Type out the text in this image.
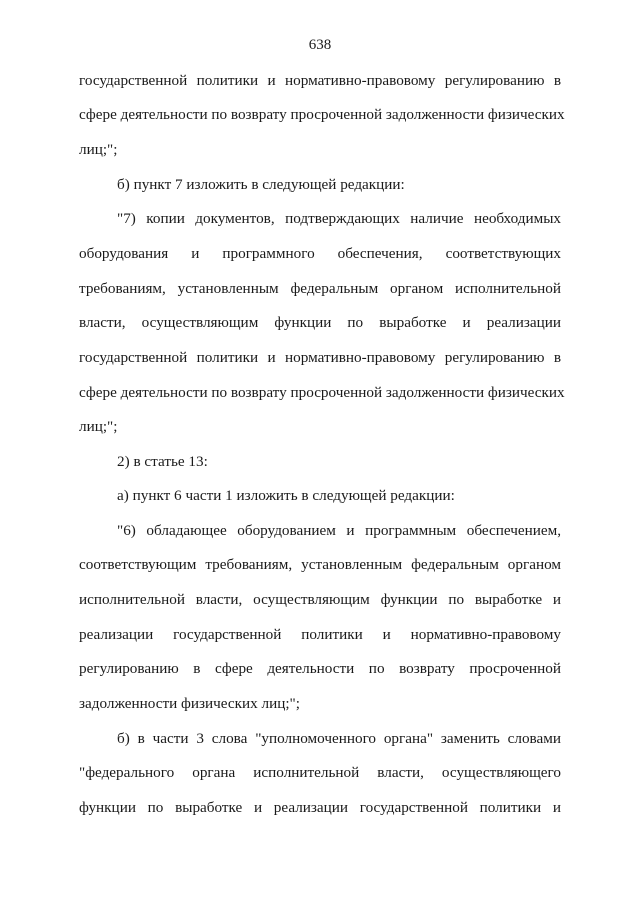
638
государственной политики и нормативно-правовому регулированию в
сфере деятельности по возврату просроченной задолженности физических
лиц;";
б) пункт 7 изложить в следующей редакции:
"7) копии документов, подтверждающих наличие необходимых
оборудования и программного обеспечения, соответствующих
требованиям, установленным федеральным органом исполнительной
власти, осуществляющим функции по выработке и реализации
государственной политики и нормативно-правовому регулированию в
сфере деятельности по возврату просроченной задолженности физических
лиц;";
2) в статье 13:
а) пункт 6 части 1 изложить в следующей редакции:
"6) обладающее оборудованием и программным обеспечением,
соответствующим требованиям, установленным федеральным органом
исполнительной власти, осуществляющим функции по выработке и
реализации государственной политики и нормативно-правовому
регулированию в сфере деятельности по возврату просроченной
задолженности физических лиц;";
б) в части 3 слова "уполномоченного органа" заменить словами
"федерального органа исполнительной власти, осуществляющего
функции по выработке и реализации государственной политики и
